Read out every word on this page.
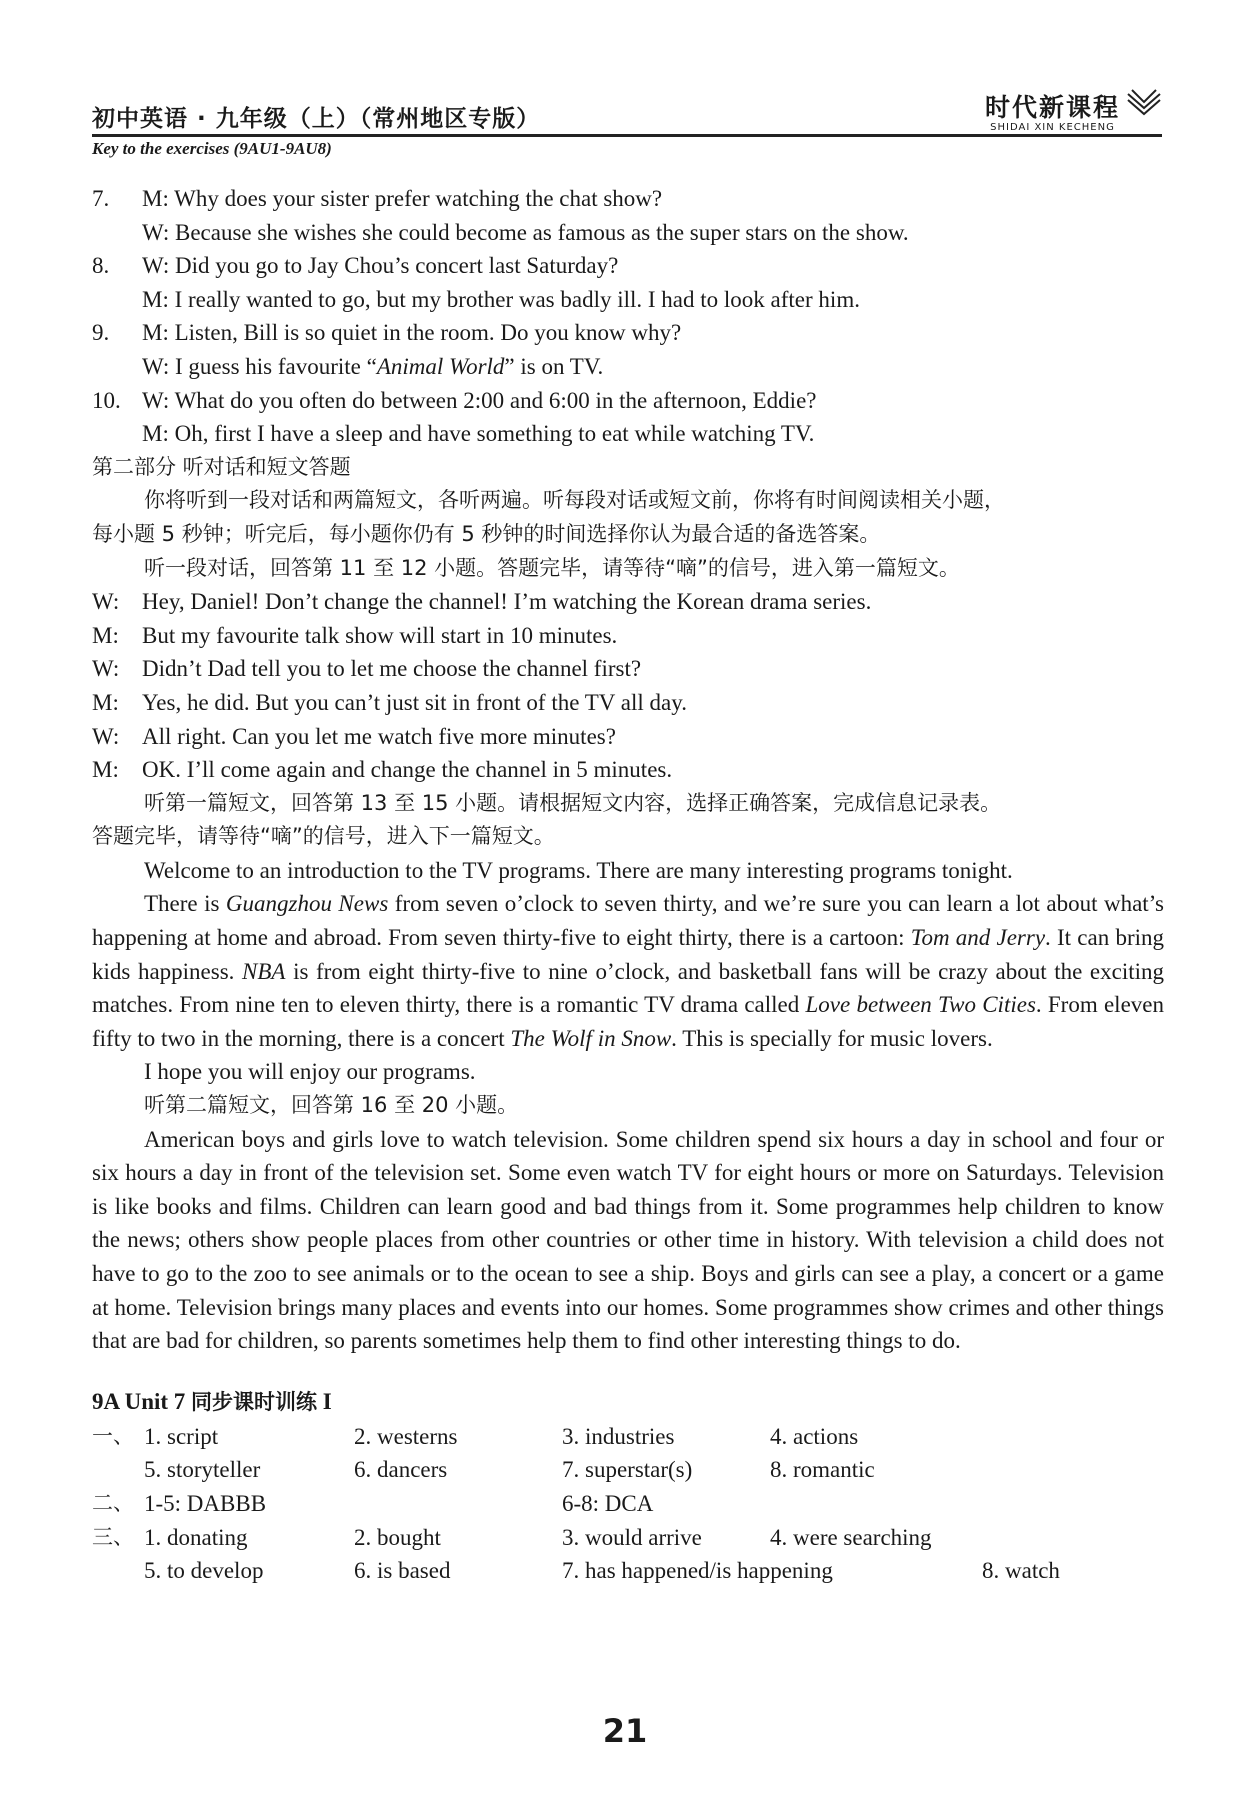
初中英语 · 九年级（上）（常州地区专版）	时代新课程
SHIDAI XIN KECHENG

Key to the exercises (9AU1-9AU8)
7. M: Why does your sister prefer watching the chat show?
W: Because she wishes she could become as famous as the super stars on the show.
8. W: Did you go to Jay Chou’s concert last Saturday?
M: I really wanted to go, but my brother was badly ill. I had to look after him.
9. M: Listen, Bill is so quiet in the room. Do you know why?
W: I guess his favourite “Animal World” is on TV.
10. W: What do you often do between 2:00 and 6:00 in the afternoon, Eddie?
M: Oh, first I have a sleep and have something to eat while watching TV.
第二部分 听对话和短文答题
你将听到一段对话和两篇短文，各听两遍。听每段对话或短文前，你将有时间阅读相关小题，
每小题 5 秒钟；听完后，每小题你仍有 5 秒钟的时间选择你认为最合适的备选答案。
听一段对话，回答第 11 至 12 小题。答题完毕，请等待“嘀”的信号，进入第一篇短文。
W: Hey, Daniel! Don’t change the channel! I’m watching the Korean drama series.
M: But my favourite talk show will start in 10 minutes.
W: Didn’t Dad tell you to let me choose the channel first?
M: Yes, he did. But you can’t just sit in front of the TV all day.
W: All right. Can you let me watch five more minutes?
M: OK. I’ll come again and change the channel in 5 minutes.
听第一篇短文，回答第 13 至 15 小题。请根据短文内容，选择正确答案，完成信息记录表。
答题完毕，请等待“嘀”的信号，进入下一篇短文。
Welcome to an introduction to the TV programs. There are many interesting programs tonight.
There is Guangzhou News from seven o’clock to seven thirty, and we’re sure you can learn a lot about what’s happening at home and abroad. From seven thirty-five to eight thirty, there is a cartoon: Tom and Jerry. It can bring kids happiness. NBA is from eight thirty-five to nine o’clock, and basketball fans will be crazy about the exciting matches. From nine ten to eleven thirty, there is a romantic TV drama called Love between Two Cities. From eleven fifty to two in the morning, there is a concert The Wolf in Snow. This is specially for music lovers.
I hope you will enjoy our programs.
听第二篇短文，回答第 16 至 20 小题。
American boys and girls love to watch television. Some children spend six hours a day in school and four or six hours a day in front of the television set. Some even watch TV for eight hours or more on Saturdays. Television is like books and films. Children can learn good and bad things from it. Some programmes help children to know the news; others show people places from other countries or other time in history. With television a child does not have to go to the zoo to see animals or to the ocean to see a ship. Boys and girls can see a play, a concert or a game at home. Television brings many places and events into our homes. Some programmes show crimes and other things that are bad for children, so parents sometimes help them to find other interesting things to do.
9A Unit 7 同步课时训练 I
一、 1. script	2. westerns	3. industries	4. actions
5. storyteller	6. dancers	7. superstar(s)	8. romantic
二、 1-5: DABBB	6-8: DCA
三、 1. donating	2. bought	3. would arrive	4. were searching
5. to develop	6. is based	7. has happened/is happening	8. watch
21
